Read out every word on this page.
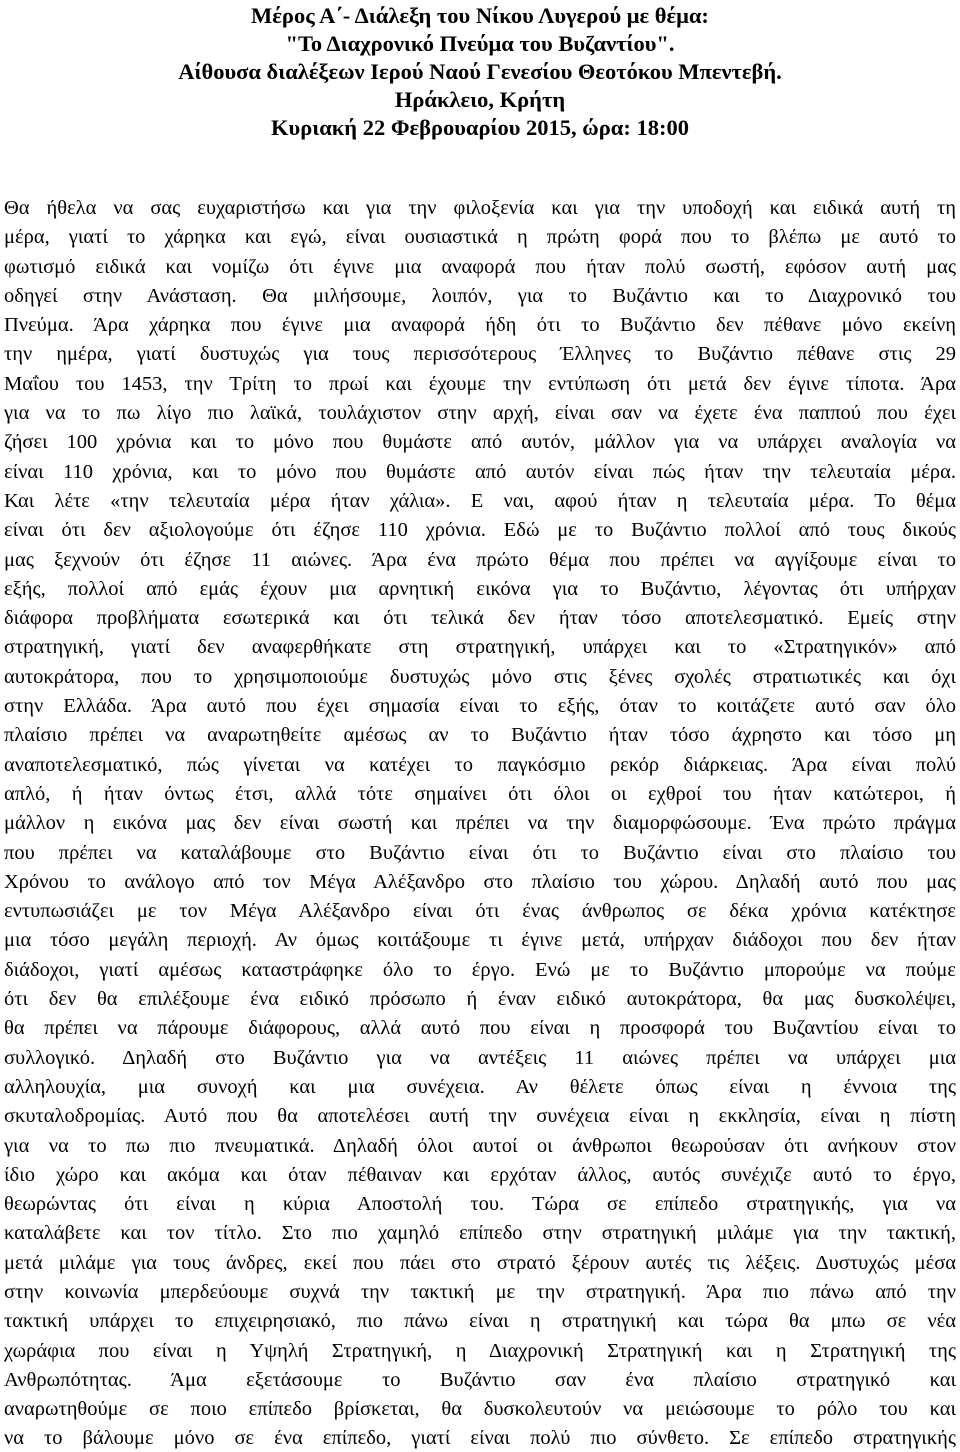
Μέρος Α΄- Διάλεξη του Νίκου Λυγερού με θέμα:
"Το Διαχρονικό Πνεύμα του Βυζαντίου".
Αίθουσα διαλέξεων Ιερού Ναού Γενεσίου Θεοτόκου Μπεντεβή.
Ηράκλειο, Κρήτη
Κυριακή 22 Φεβρουαρίου 2015, ώρα: 18:00
Θα ήθελα να σας ευχαριστήσω και για την φιλοξενία και για την υποδοχή και ειδικά αυτή τη
μέρα, γιατί το χάρηκα και εγώ, είναι ουσιαστικά η πρώτη φορά που το βλέπω με αυτό το
φωτισμό ειδικά και νομίζω ότι έγινε μια αναφορά που ήταν πολύ σωστή, εφόσον αυτή μας
οδηγεί στην Ανάσταση. Θα μιλήσουμε, λοιπόν, για το Βυζάντιο και το Διαχρονικό του
Πνεύμα. Άρα χάρηκα που έγινε μια αναφορά ήδη ότι το Βυζάντιο δεν πέθανε μόνο εκείνη
την ημέρα, γιατί δυστυχώς για τους περισσότερους Έλληνες το Βυζάντιο πέθανε στις 29
Μαΐου του 1453, την Τρίτη το πρωί και έχουμε την εντύπωση ότι μετά δεν έγινε τίποτα. Άρα
για να το πω λίγο πιο λαϊκά, τουλάχιστον στην αρχή, είναι σαν να έχετε ένα παππού που έχει
ζήσει 100 χρόνια και το μόνο που θυμάστε από αυτόν, μάλλον για να υπάρχει αναλογία να
είναι 110 χρόνια, και το μόνο που θυμάστε από αυτόν είναι πώς ήταν την τελευταία μέρα.
Και λέτε «την τελευταία μέρα ήταν χάλια». Ε ναι, αφού ήταν η τελευταία μέρα. Το θέμα
είναι ότι δεν αξιολογούμε ότι έζησε 110 χρόνια. Εδώ με το Βυζάντιο πολλοί από τους δικούς
μας ξεχνούν ότι έζησε 11 αιώνες. Άρα ένα πρώτο θέμα που πρέπει να αγγίξουμε είναι το
εξής, πολλοί από εμάς έχουν μια αρνητική εικόνα για το Βυζάντιο, λέγοντας ότι υπήρχαν
διάφορα προβλήματα εσωτερικά και ότι τελικά δεν ήταν τόσο αποτελεσματικό. Εμείς στην
στρατηγική, γιατί δεν αναφερθήκατε στη στρατηγική, υπάρχει και το «Στρατηγικόν» από
αυτοκράτορα, που το χρησιμοποιούμε δυστυχώς μόνο στις ξένες σχολές στρατιωτικές και όχι
στην Ελλάδα. Άρα αυτό που έχει σημασία είναι το εξής, όταν το κοιτάζετε αυτό σαν όλο
πλαίσιο πρέπει να αναρωτηθείτε αμέσως αν το Βυζάντιο ήταν τόσο άχρηστο και τόσο μη
αναποτελεσματικό, πώς γίνεται να κατέχει το παγκόσμιο ρεκόρ διάρκειας. Άρα είναι πολύ
απλό, ή ήταν όντως έτσι, αλλά τότε σημαίνει ότι όλοι οι εχθροί του ήταν κατώτεροι, ή
μάλλον η εικόνα μας δεν είναι σωστή και πρέπει να την διαμορφώσουμε. Ένα πρώτο πράγμα
που πρέπει να καταλάβουμε στο Βυζάντιο είναι ότι το Βυζάντιο είναι στο πλαίσιο του
Χρόνου το ανάλογο από τον Μέγα Αλέξανδρο στο πλαίσιο του χώρου. Δηλαδή αυτό που μας
εντυπωσιάζει με τον Μέγα Αλέξανδρο είναι ότι ένας άνθρωπος σε δέκα χρόνια κατέκτησε
μια τόσο μεγάλη περιοχή. Αν όμως κοιτάξουμε τι έγινε μετά, υπήρχαν διάδοχοι που δεν ήταν
διάδοχοι, γιατί αμέσως καταστράφηκε όλο το έργο. Ενώ με το Βυζάντιο μπορούμε να πούμε
ότι δεν θα επιλέξουμε ένα ειδικό πρόσωπο ή έναν ειδικό αυτοκράτορα, θα μας δυσκολέψει,
θα πρέπει να πάρουμε διάφορους, αλλά αυτό που είναι η προσφορά του Βυζαντίου είναι το
συλλογικό. Δηλαδή στο Βυζάντιο για να αντέξεις 11 αιώνες πρέπει να υπάρχει μια
αλληλουχία, μια συνοχή και μια συνέχεια. Αν θέλετε όπως είναι η έννοια της
σκυταλοδρομίας. Αυτό που θα αποτελέσει αυτή την συνέχεια είναι η εκκλησία, είναι η πίστη
για να το πω πιο πνευματικά. Δηλαδή όλοι αυτοί οι άνθρωποι θεωρούσαν ότι ανήκουν στον
ίδιο χώρο και ακόμα και όταν πέθαιναν και ερχόταν άλλος, αυτός συνέχιζε αυτό το έργο,
θεωρώντας ότι είναι η κύρια Αποστολή του. Τώρα σε επίπεδο στρατηγικής, για να
καταλάβετε και τον τίτλο. Στο πιο χαμηλό επίπεδο στην στρατηγική μιλάμε για την τακτική,
μετά μιλάμε για τους άνδρες, εκεί που πάει στο στρατό ξέρουν αυτές τις λέξεις. Δυστυχώς μέσα
στην κοινωνία μπερδεύουμε συχνά την τακτική με την στρατηγική. Άρα πιο πάνω από την
τακτική υπάρχει το επιχειρησιακό, πιο πάνω είναι η στρατηγική και τώρα θα μπω σε νέα
χωράφια που είναι η Υψηλή Στρατηγική, η Διαχρονική Στρατηγική και η Στρατηγική της
Ανθρωπότητας. Άμα εξετάσουμε το Βυζάντιο σαν ένα πλαίσιο στρατηγικό και
αναρωτηθούμε σε ποιο επίπεδο βρίσκεται, θα δυσκολευτούν να μειώσουμε το ρόλο του και
να το βάλουμε μόνο σε ένα επίπεδο, γιατί είναι πολύ πιο σύνθετο. Σε επίπεδο στρατηγικής
